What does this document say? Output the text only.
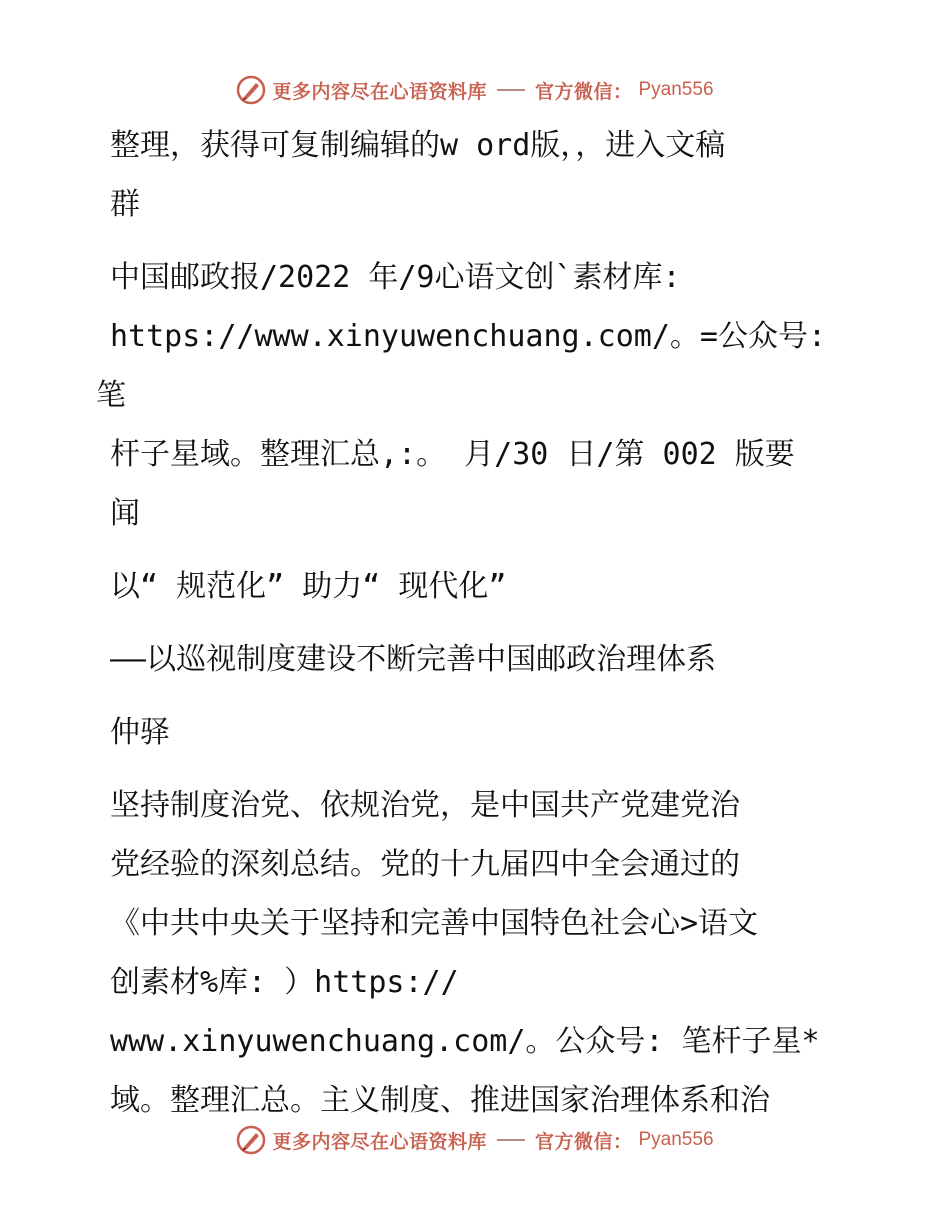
更多内容尽在心语资料库	官方微信： Pyan556
整理，获得可复制编辑的w ord版，，进入文稿
群
中国邮政报/2022 年/9心语文创`素材库:
https://www.xinyuwenchuang.com/。=公众号: 笔
杆子星域。整理汇总,:。 月/30 日/第 002 版要
闻
以“ 规范化” 助力“ 现代化”
——以巡视制度建设不断完善中国邮政治理体系
仲驿
坚持制度治党、依规治党，是中国共产党建党治
党经验的深刻总结。党的十九届四中全会通过的
《中共中央关于坚持和完善中国特色社会心>语文
创素材%库: ）https://
www.xinyuwenchuang.com/。公众号: 笔杆子星*
域。整理汇总。主义制度、推进国家治理体系和治
更多内容尽在心语资料库	官方微信： Pyan556
